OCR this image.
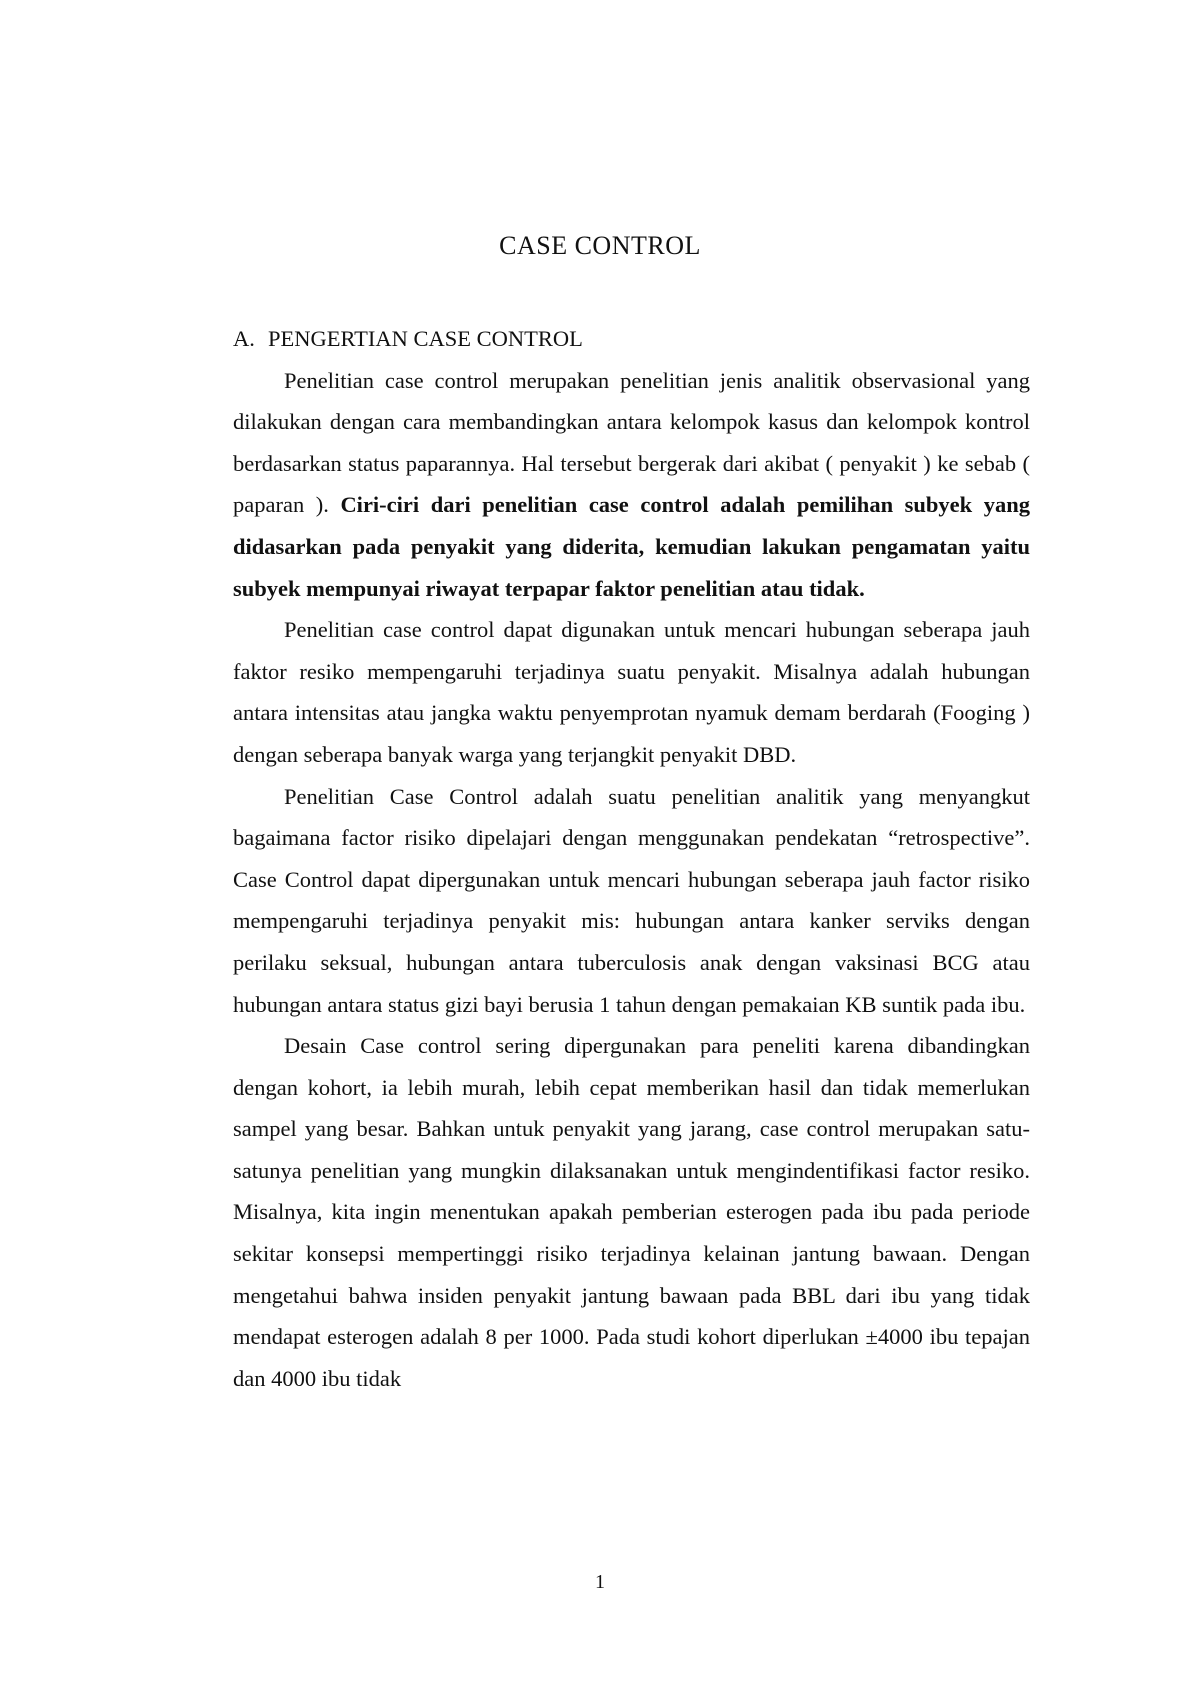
CASE CONTROL
A. PENGERTIAN CASE CONTROL

Penelitian case control merupakan penelitian jenis analitik observasional yang dilakukan dengan cara membandingkan antara kelompok kasus dan kelompok kontrol berdasarkan status paparannya. Hal tersebut bergerak dari akibat ( penyakit ) ke sebab ( paparan ). Ciri-ciri dari penelitian case control adalah pemilihan subyek yang didasarkan pada penyakit yang diderita, kemudian lakukan pengamatan yaitu subyek mempunyai riwayat terpapar faktor penelitian atau tidak.

Penelitian case control dapat digunakan untuk mencari hubungan seberapa jauh faktor resiko mempengaruhi terjadinya suatu penyakit. Misalnya adalah hubungan antara intensitas atau jangka waktu penyemprotan nyamuk demam berdarah (Fooging ) dengan seberapa banyak warga yang terjangkit penyakit DBD.

Penelitian Case Control adalah suatu penelitian analitik yang menyangkut bagaimana factor risiko dipelajari dengan menggunakan pendekatan “retrospective”. Case Control dapat dipergunakan untuk mencari hubungan seberapa jauh factor risiko mempengaruhi terjadinya penyakit mis: hubungan antara kanker serviks dengan perilaku seksual, hubungan antara tuberculosis anak dengan vaksinasi BCG atau hubungan antara status gizi bayi berusia 1 tahun dengan pemakaian KB suntik pada ibu.

Desain Case control sering dipergunakan para peneliti karena dibandingkan dengan kohort, ia lebih murah, lebih cepat memberikan hasil dan tidak memerlukan sampel yang besar. Bahkan untuk penyakit yang jarang, case control merupakan satu-satunya penelitian yang mungkin dilaksanakan untuk mengindentifikasi factor resiko. Misalnya, kita ingin menentukan apakah pemberian esterogen pada ibu pada periode sekitar konsepsi mempertinggi risiko terjadinya kelainan jantung bawaan. Dengan mengetahui bahwa insiden penyakit jantung bawaan pada BBL dari ibu yang tidak mendapat esterogen adalah 8 per 1000. Pada studi kohort diperlukan ±4000 ibu tepajan dan 4000 ibu tidak

1
